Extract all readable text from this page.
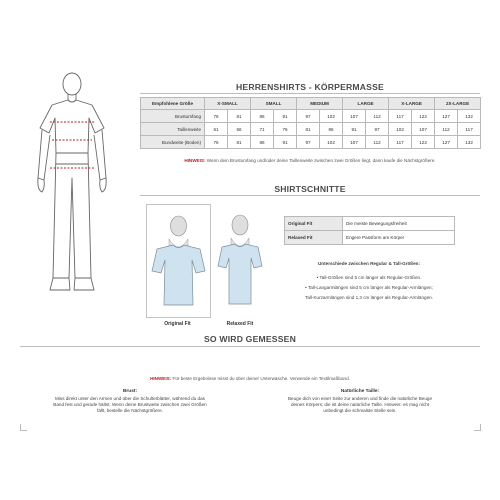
HERRENSHIRTS - KÖRPERMASSE
Empfohlene Größe	X-SMALL		SMALL		MEDIUM		LARGE		X-LARGE		2X-LARGE	
Brustumfang	76	81	86	91	97	102	107	112	117	122	127	132
Taillenweite	61	66	71	76	81	86	91	97	102	107	112	117
Bundweite (Boden)	76	81	86	91	97	102	107	112	117	122	127	132
HINWEIS: Wenn dein Brustumfang und/oder deine Taillenweite zwischen zwei Größen liegt, dann kaufe die Nächstgrößere.
SHIRTSCHNITTE
Original Fit	Relaxed Fit
Original Fit	Die meiste Bewegungsfreiheit
Relaxed Fit	Engere Passform am Körper
Unterschiede zwischen Regular & Tall-Größen:
• Tall-Größen sind 5 cm länger als Regular-Größen.
• Tall-Langarmlängen sind 5 cm länger als Regular-Armlängen;
Tall-Kurzarmlängen sind 1,3 cm länger als Regular-Armlängen.
SO WIRD GEMESSEN
HINWEIS: Für beste Ergebnisse misst du über deiner Unterwäsche. Verwende ein Textilmaßband.
Brust:
Miss direkt unter den Armen und über die Schulterblätter, während du das
Band fest und gerade hältst. Wenn deine Brustweite zwischen zwei Größen
fällt, bestelle die Nächstgrößere.
Natürliche Taille:
Beuge dich von einer Seite zur anderen und finde die natürliche Beuge
deines Körpers; die ist deine natürliche Taille. Hinweis: es mag nicht
unbedingt die schmalste Stelle sein.
